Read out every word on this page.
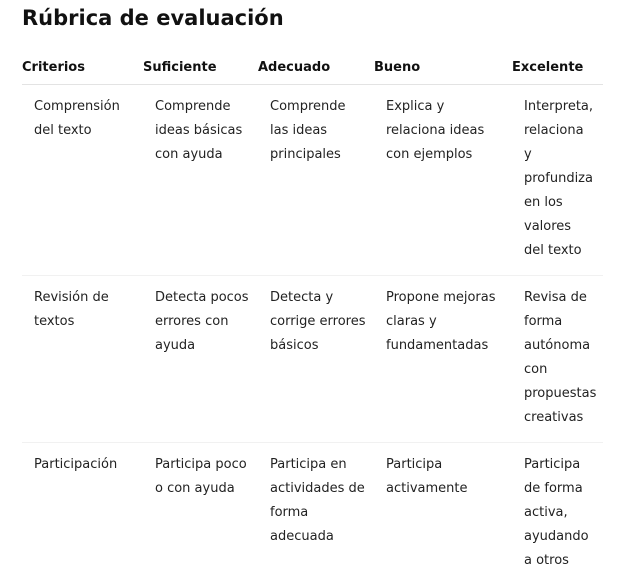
Rúbrica de evaluación
Criterios	Suficiente	Adecuado	Bueno	Excelente
Comprensión del texto	Comprende ideas básicas con ayuda	Comprende las ideas principales	Explica y relaciona ideas con ejemplos	Interpreta, relaciona y profundiza en los valores del texto
Revisión de textos	Detecta pocos errores con ayuda	Detecta y corrige errores básicos	Propone mejoras claras y fundamentadas	Revisa de forma autónoma con propuestas creativas
Participación	Participa poco o con ayuda	Participa en actividades de forma adecuada	Participa activamente	Participa de forma activa, ayudando a otros
